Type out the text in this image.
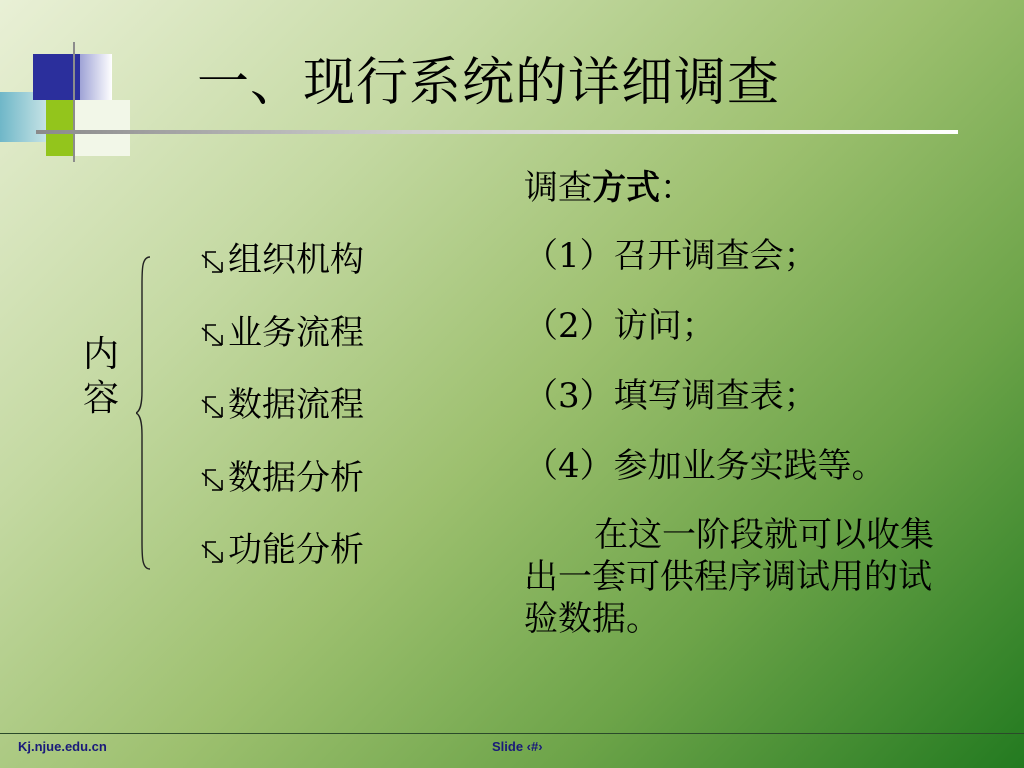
一、现行系统的详细调查
内容
组织机构
业务流程
数据流程
数据分析
功能分析

调查方式：

（1）召开调查会；

（2）访问；

（3）填写调查表；

（4）参加业务实践等。

在这一阶段就可以收集出一套可供程序调试用的试验数据。

Kj.njue.edu.cn	Slide ‹#›
